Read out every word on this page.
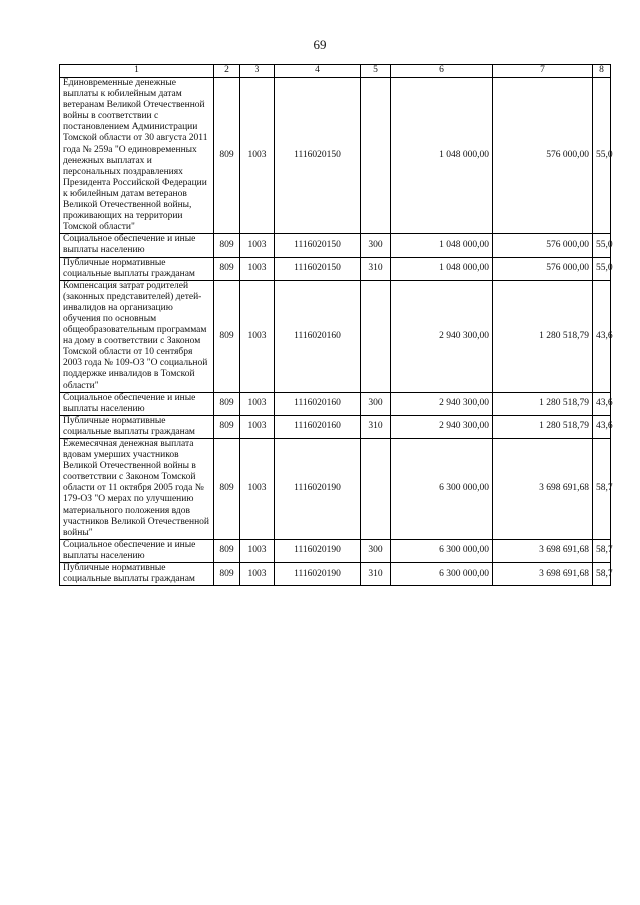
69
1	2	3	4	5	6	7	8
Единовременные денежные выплаты к юбилейным датам ветеранам Великой Отечественной войны в соответствии с постановлением Администрации Томской области от 30 августа 2011 года № 259а "О единовременных денежных выплатах и персональных поздравлениях Президента Российской Федерации к юбилейным датам ветеранов Великой Отечественной войны, проживающих на территории Томской области"	809	1003	1116020150		1 048 000,00	576 000,00	55,0
Социальное обеспечение и иные выплаты населению	809	1003	1116020150	300	1 048 000,00	576 000,00	55,0
Публичные нормативные социальные выплаты гражданам	809	1003	1116020150	310	1 048 000,00	576 000,00	55,0
Компенсация затрат родителей (законных представителей) детей-инвалидов на организацию обучения по основным общеобразовательным программам на дому в соответствии с Законом Томской области от 10 сентября 2003 года № 109-ОЗ "О социальной поддержке инвалидов в Томской области"	809	1003	1116020160		2 940 300,00	1 280 518,79	43,6
Социальное обеспечение и иные выплаты населению	809	1003	1116020160	300	2 940 300,00	1 280 518,79	43,6
Публичные нормативные социальные выплаты гражданам	809	1003	1116020160	310	2 940 300,00	1 280 518,79	43,6
Ежемесячная денежная выплата вдовам умерших участников Великой Отечественной войны в соответствии с Законом Томской области от 11 октября 2005 года № 179-ОЗ "О мерах по улучшению материального положения вдов участников Великой Отечественной войны"	809	1003	1116020190		6 300 000,00	3 698 691,68	58,7
Социальное обеспечение и иные выплаты населению	809	1003	1116020190	300	6 300 000,00	3 698 691,68	58,7
Публичные нормативные социальные выплаты гражданам	809	1003	1116020190	310	6 300 000,00	3 698 691,68	58,7
